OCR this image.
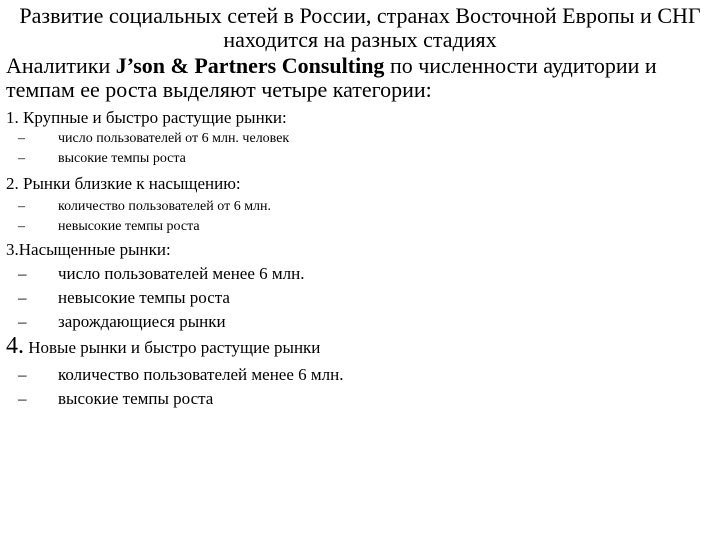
Развитие социальных сетей в России, странах Восточной Европы и СНГ находится на разных стадиях
Аналитики J’son & Partners Consulting по численности аудитории и темпам ее роста выделяют четыре категории:
1. Крупные и быстро растущие рынки:
– число пользователей от 6 млн. человек
– высокие темпы роста
2. Рынки близкие к насыщению:
– количество пользователей от 6 млн.
– невысокие темпы роста
3.Насыщенные рынки:
– число пользователей менее 6 млн.
– невысокие темпы роста
– зарождающиеся рынки
4. Новые рынки и быстро растущие рынки
– количество пользователей менее 6 млн.
– высокие темпы роста
